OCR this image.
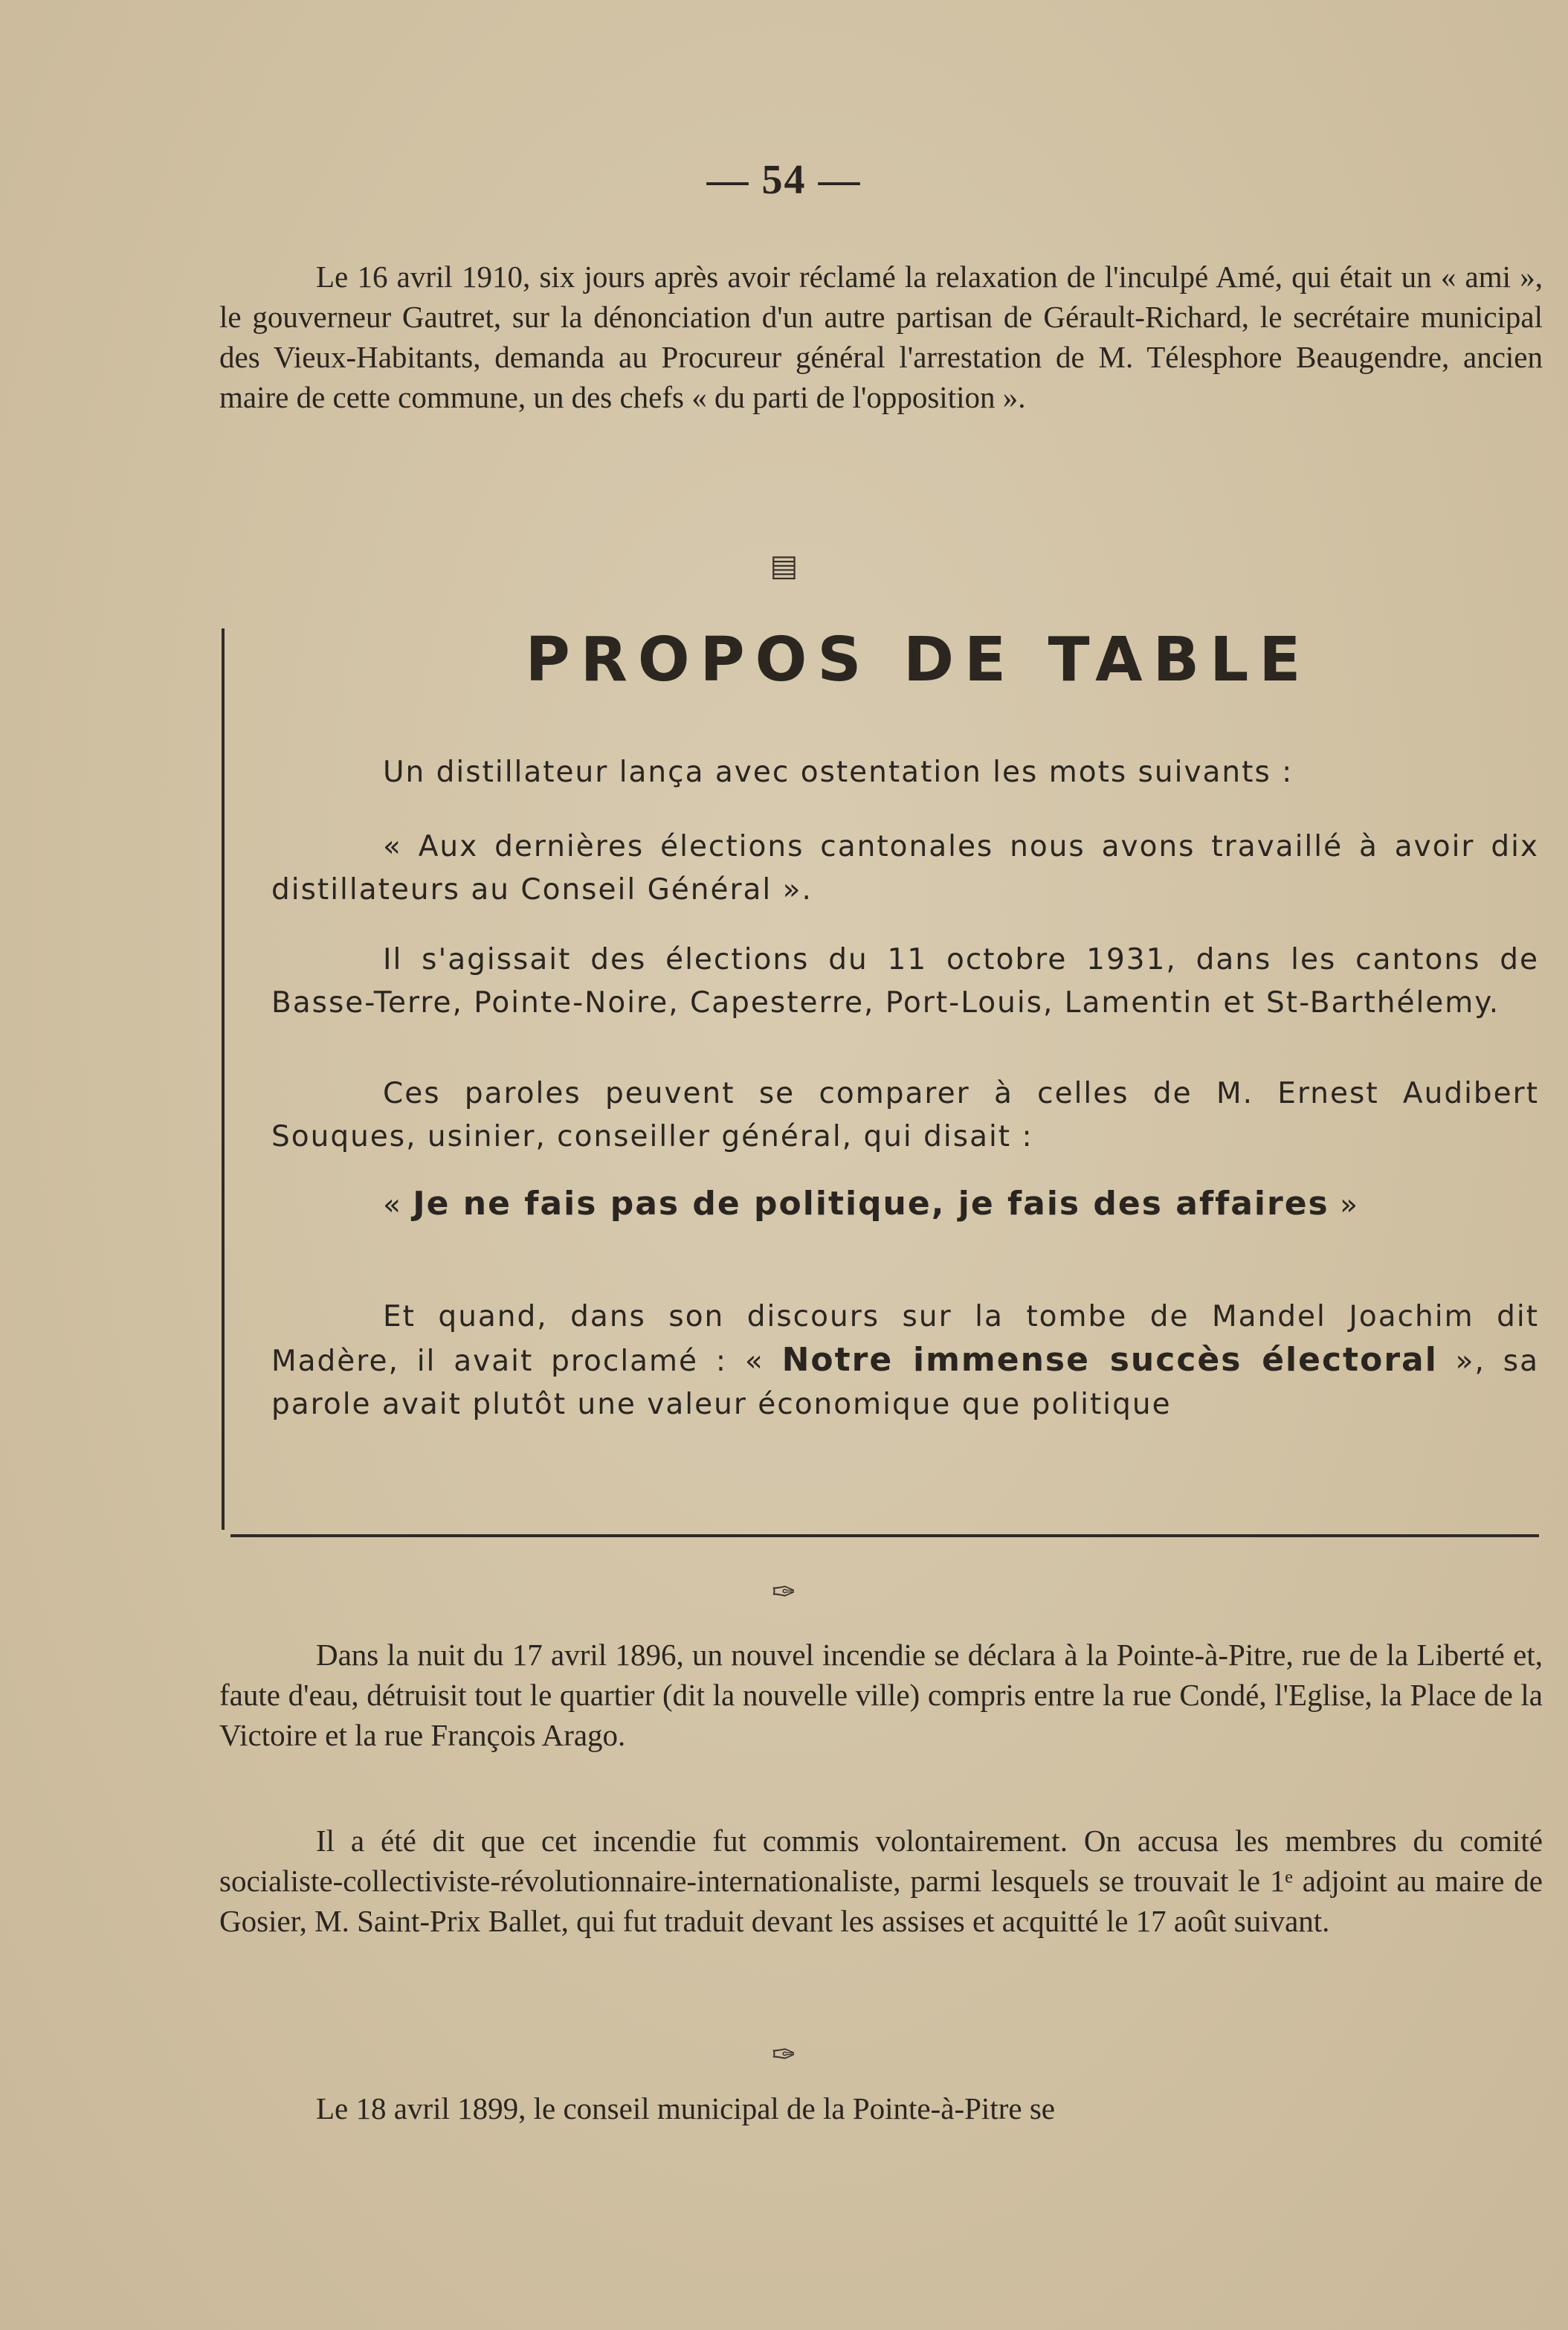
— 54 —

Le 16 avril 1910, six jours après avoir réclamé la relaxation de l'inculpé Amé, qui était un « ami », le gouverneur Gautret, sur la dénonciation d'un autre partisan de Gérault-Richard, le secrétaire municipal des Vieux-Habitants, demanda au Procureur général l'arrestation de M. Télesphore Beaugendre, ancien maire de cette commune, un des chefs « du parti de l'opposition ».

▤
PROPOS DE TABLE

Un distillateur lança avec ostentation les mots suivants :

« Aux dernières élections cantonales nous avons travaillé à avoir dix distillateurs au Conseil Général ».

Il s'agissait des élections du 11 octobre 1931, dans les cantons de Basse-Terre, Pointe-Noire, Capesterre, Port-Louis, Lamentin et St-Barthélemy.

Ces paroles peuvent se comparer à celles de M. Ernest Audibert Souques, usinier, conseiller général, qui disait :

« Je ne fais pas de politique, je fais des affaires »

Et quand, dans son discours sur la tombe de Mandel Joachim dit Madère, il avait proclamé : « Notre immense succès électoral », sa parole avait plutôt une valeur économique que politique

✑

Dans la nuit du 17 avril 1896, un nouvel incendie se déclara à la Pointe-à-Pitre, rue de la Liberté et, faute d'eau, détruisit tout le quartier (dit la nouvelle ville) compris entre la rue Condé, l'Eglise, la Place de la Victoire et la rue François Arago.

Il a été dit que cet incendie fut commis volontairement. On accusa les membres du comité socialiste-collectiviste-révolutionnaire-internationaliste, parmi lesquels se trouvait le 1ᵉ adjoint au maire de Gosier, M. Saint-Prix Ballet, qui fut traduit devant les assises et acquitté le 17 août suivant.

✑

Le 18 avril 1899, le conseil municipal de la Pointe-à-Pitre se
